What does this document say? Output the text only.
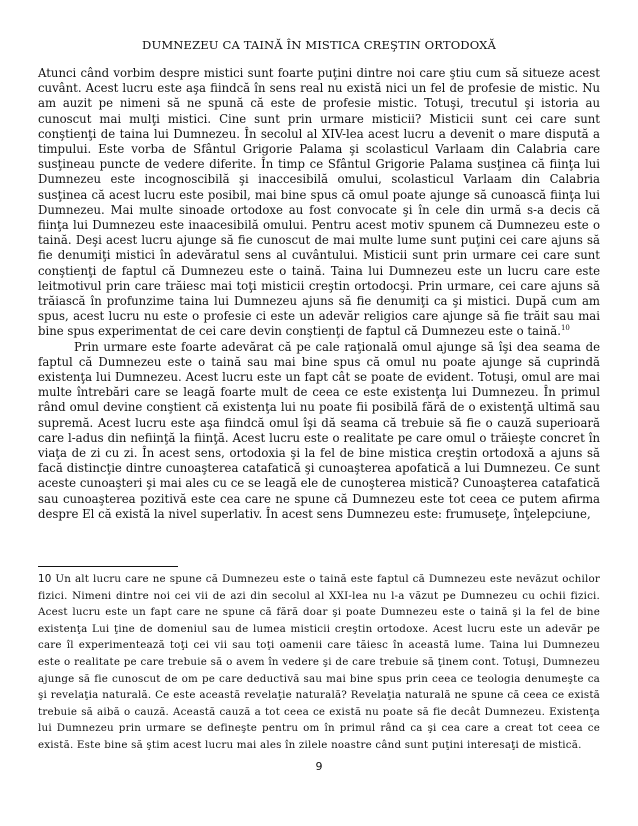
DUMNEZEU CA TAINĂ ÎN MISTICA CREŞTIN ORTODOXĂ

Atunci când vorbim despre mistici sunt foarte puţini dintre noi care ştiu cum să situeze acest cuvânt. Acest lucru este aşa fiindcă în sens real nu există nici un fel de profesie de mistic. Nu am auzit pe nimeni să ne spună că este de profesie mistic. Totuşi, trecutul şi istoria au cunoscut mai mulţi mistici. Cine sunt prin urmare misticii? Misticii sunt cei care sunt conştienţi de taina lui Dumnezeu. În secolul al XIV-lea acest lucru a devenit o mare dispută a timpului. Este vorba de Sfântul Grigorie Palama şi scolasticul Varlaam din Calabria care susţineau puncte de vedere diferite. În timp ce Sfântul Grigorie Palama susţinea că fiinţa lui Dumnezeu este incognoscibilă şi inaccesibilă omului, scolasticul Varlaam din Calabria susţinea că acest lucru este posibil, mai bine spus că omul poate ajunge să cunoască fiinţa lui Dumnezeu. Mai multe sinoade ortodoxe au fost convocate şi în cele din urmă s-a decis că fiinţa lui Dumnezeu este inaacesibilă omului. Pentru acest motiv spunem că Dumnezeu este o taină. Deşi acest lucru ajunge să fie cunoscut de mai multe lume sunt puţini cei care ajuns să fie denumiţi mistici în adevăratul sens al cuvântului. Misticii sunt prin urmare cei care sunt conştienţi de faptul că Dumnezeu este o taină. Taina lui Dumnezeu este un lucru care este leitmotivul prin care trăiesc mai toţi misticii creştin ortodocşi. Prin urmare, cei care ajuns să trăiască în profunzime taina lui Dumnezeu ajuns să fie denumiţi ca şi mistici. După cum am spus, acest lucru nu este o profesie ci este un adevăr religios care ajunge să fie trăit sau mai bine spus experimentat de cei care devin conştienţi de faptul că Dumnezeu este o taină.$^{10}$

Prin urmare este foarte adevărat că pe cale raţională omul ajunge să îşi dea seama de faptul că Dumnezeu este o taină sau mai bine spus că omul nu poate ajunge să cuprindă existenţa lui Dumnezeu. Acest lucru este un fapt cât se poate de evident. Totuşi, omul are mai multe întrebări care se leagă foarte mult de ceea ce este existenţa lui Dumnezeu. În primul rând omul devine conştient că existenţa lui nu poate fii posibilă fără de o existenţă ultimă sau supremă. Acest lucru este aşa fiindcă omul îşi dă seama că trebuie să fie o cauză superioară care l-adus din nefiinţă la fiinţă. Acest lucru este o realitate pe care omul o trăieşte concret în viaţa de zi cu zi. În acest sens, ortodoxia şi la fel de bine mistica creştin ortodoxă a ajuns să facă distincţie dintre cunoaşterea catafatică şi cunoaşterea apofatică a lui Dumnezeu. Ce sunt aceste cunoaşteri şi mai ales cu ce se leagă ele de cunoşterea mistică? Cunoaşterea catafatică sau cunoaşterea pozitivă este cea care ne spune că Dumnezeu este tot ceea ce putem afirma despre El că există la nivel superlativ. În acest sens Dumnezeu este: frumuseţe, înţelepciune,

10 Un alt lucru care ne spune că Dumnezeu este o taină este faptul că Dumnezeu este nevăzut ochilor fizici. Nimeni dintre noi cei vii de azi din secolul al XXI-lea nu l-a văzut pe Dumnezeu cu ochii fizici. Acest lucru este un fapt care ne spune că fără doar şi poate Dumnezeu este o taină şi la fel de bine existenţa Lui ţine de domeniul sau de lumea misticii creştin ortodoxe. Acest lucru este un adevăr pe care îl experimentează toţi cei vii sau toţi oamenii care tăiesc în această lume. Taina lui Dumnezeu este o realitate pe care trebuie să o avem în vedere şi de care trebuie să ţinem cont. Totuşi, Dumnezeu ajunge să fie cunoscut de om pe care deductivă sau mai bine spus prin ceea ce teologia denumeşte ca şi revelaţia naturală. Ce este această revelaţie naturală? Revelaţia naturală ne spune că ceea ce există trebuie să aibă o cauză. Această cauză a tot ceea ce există nu poate să fie decât Dumnezeu. Existenţa lui Dumnezeu prin urmare se defineşte pentru om în primul rând ca şi cea care a creat tot ceea ce există. Este bine să ştim acest lucru mai ales în zilele noastre când sunt puţini interesaţi de mistică.
9
